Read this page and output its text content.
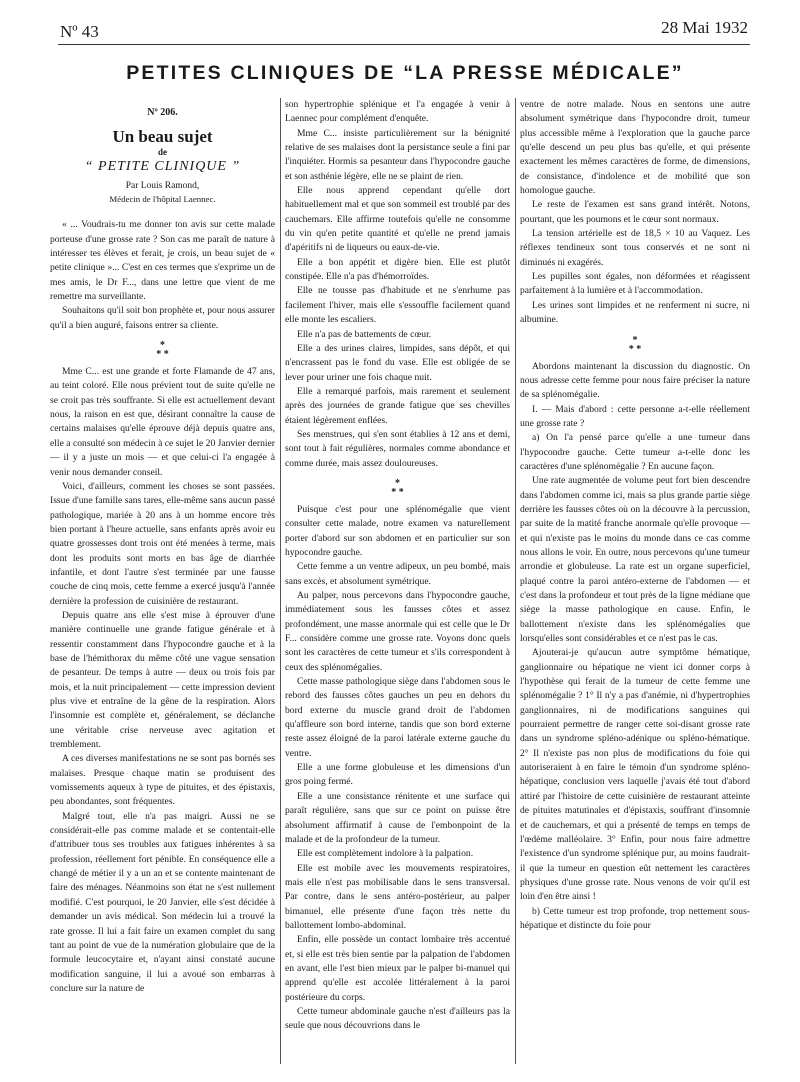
Nº 43	28 Mai 1932
PETITES CLINIQUES DE “LA PRESSE MÉDICALE”
Nº 206.
Un beau sujet
de
“ PETITE CLINIQUE ”
Par Louis Ramond,
Médecin de l'hôpital Laennec.

« ... Voudrais-tu me donner ton avis sur cette malade porteuse d'une grosse rate ? Son cas me paraît de nature à intéresser tes élèves et ferait, je crois, un beau sujet de « petite clinique »... C'est en ces termes que s'exprime un de mes amis, le Dr F..., dans une lettre que vient de me remettre ma surveillante.

Souhaitons qu'il soit bon prophète et, pour nous assurer qu'il a bien auguré, faisons entrer sa cliente.

*
* *

Mme C... est une grande et forte Flamande de 47 ans, au teint coloré. Elle nous prévient tout de suite qu'elle ne se croit pas très souffrante. Si elle est actuellement devant nous, la raison en est que, désirant connaître la cause de certains malaises qu'elle éprouve déjà depuis quatre ans, elle a consulté son médecin à ce sujet le 20 Janvier dernier — il y a juste un mois — et que celui-ci l'a engagée à venir nous demander conseil.

Voici, d'ailleurs, comment les choses se sont passées. Issue d'une famille sans tares, elle-même sans aucun passé pathologique, mariée à 20 ans à un homme encore très bien portant à l'heure actuelle, sans enfants après avoir eu quatre grossesses dont trois ont été menées à terme, mais dont les produits sont morts en bas âge de diarrhée infantile, et dont l'autre s'est terminée par une fausse couche de cinq mois, cette femme a exercé jusqu'à l'année dernière la profession de cuisinière de restaurant.

Depuis quatre ans elle s'est mise à éprouver d'une manière continuelle une grande fatigue générale et à ressentir constamment dans l'hypocondre gauche et à la base de l'hémithorax du même côté une vague sensation de pesanteur. De temps à autre — deux ou trois fois par mois, et la nuit principalement — cette impression devient plus vive et entraîne de la gêne de la respiration. Alors l'insomnie est complète et, généralement, se déclanche une véritable crise nerveuse avec agitation et tremblement.

A ces diverses manifestations ne se sont pas bornés ses malaises. Presque chaque matin se produisent des vomissements aqueux à type de pituites, et des épistaxis, peu abondantes, sont fréquentes.

Malgré tout, elle n'a pas maigri. Aussi ne se considérait-elle pas comme malade et se contentait-elle d'attribuer tous ses troubles aux fatigues inhérentes à sa profession, réellement fort pénible. En conséquence elle a changé de métier il y a un an et se contente maintenant de faire des ménages. Néanmoins son état ne s'est nullement modifié. C'est pourquoi, le 20 Janvier, elle s'est décidée à demander un avis médical. Son médecin lui a trouvé la rate grosse. Il lui a fait faire un examen complet du sang tant au point de vue de la numération globulaire que de la formule leucocytaire et, n'ayant ainsi constaté aucune modification sanguine, il lui a avoué son embarras à conclure sur la nature de

son hypertrophie splénique et l'a engagée à venir à Laennec pour complément d'enquête.

Mme C... insiste particulièrement sur la bénignité relative de ses malaises dont la persistance seule a fini par l'inquiéter. Hormis sa pesanteur dans l'hypocondre gauche et son asthénie légère, elle ne se plaint de rien.

Elle nous apprend cependant qu'elle dort habituellement mal et que son sommeil est troublé par des cauchemars. Elle affirme toutefois qu'elle ne consomme du vin qu'en petite quantité et qu'elle ne prend jamais d'apéritifs ni de liqueurs ou eaux-de-vie.

Elle a bon appétit et digère bien. Elle est plutôt constipée. Elle n'a pas d'hémorroïdes.

Elle ne tousse pas d'habitude et ne s'enrhume pas facilement l'hiver, mais elle s'essouffle facilement quand elle monte les escaliers.

Elle n'a pas de battements de cœur.

Elle a des urines claires, limpides, sans dépôt, et qui n'encrassent pas le fond du vase. Elle est obligée de se lever pour uriner une fois chaque nuit.

Elle a remarqué parfois, mais rarement et seulement après des journées de grande fatigue que ses chevilles étaient légèrement enflées.

Ses menstrues, qui s'en sont établies à 12 ans et demi, sont tout à fait régulières, normales comme abondance et comme durée, mais assez douloureuses.

*
* *

Puisque c'est pour une splénomégalie que vient consulter cette malade, notre examen va naturellement porter d'abord sur son abdomen et en particulier sur son hypocondre gauche.

Cette femme a un ventre adipeux, un peu bombé, mais sans excès, et absolument symétrique.

Au palper, nous percevons dans l'hypocondre gauche, immédiatement sous les fausses côtes et assez profondément, une masse anormale qui est celle que le Dr F... considère comme une grosse rate. Voyons donc quels sont les caractères de cette tumeur et s'ils correspondent à ceux des splénomégalies.

Cette masse pathologique siège dans l'abdomen sous le rebord des fausses côtes gauches un peu en dehors du bord externe du muscle grand droit de l'abdomen qu'affleure son bord interne, tandis que son bord externe reste assez éloigné de la paroi latérale externe gauche du ventre.

Elle a une forme globuleuse et les dimensions d'un gros poing fermé.

Elle a une consistance rénitente et une surface qui paraît régulière, sans que sur ce point on puisse être absolument affirmatif à cause de l'embonpoint de la malade et de la profondeur de la tumeur.

Elle est complètement indolore à la palpation.

Elle est mobile avec les mouvements respiratoires, mais elle n'est pas mobilisable dans le sens transversal. Par contre, dans le sens antéro-postérieur, au palper bimanuel, elle présente d'une façon très nette du ballottement lombo-abdominal.

Enfin, elle possède un contact lombaire très accentué et, si elle est très bien sentie par la palpation de l'abdomen en avant, elle l'est bien mieux par le palper bi-manuel qui apprend qu'elle est accolée littéralement à la paroi postérieure du corps.

Cette tumeur abdominale gauche n'est d'ailleurs pas la seule que nous découvrions dans le

ventre de notre malade. Nous en sentons une autre absolument symétrique dans l'hypocondre droit, tumeur plus accessible même à l'exploration que la gauche parce qu'elle descend un peu plus bas qu'elle, et qui présente exactement les mêmes caractères de forme, de dimensions, de consistance, d'indolence et de mobilité que son homologue gauche.

Le reste de l'examen est sans grand intérêt. Notons, pourtant, que les poumons et le cœur sont normaux.

La tension artérielle est de 18,5 × 10 au Vaquez. Les réflexes tendineux sont tous conservés et ne sont ni diminués ni exagérés.

Les pupilles sont égales, non déformées et réagissent parfaitement à la lumière et à l'accommodation.

Les urines sont limpides et ne renferment ni sucre, ni albumine.

*
* *

Abordons maintenant la discussion du diagnostic. On nous adresse cette femme pour nous faire préciser la nature de sa splénomégalie.

I. — Mais d'abord : cette personne a-t-elle réellement une grosse rate ?

a) On l'a pensé parce qu'elle a une tumeur dans l'hypocondre gauche. Cette tumeur a-t-elle donc les caractères d'une splénomégalie ? En aucune façon.

Une rate augmentée de volume peut fort bien descendre dans l'abdomen comme ici, mais sa plus grande partie siège derrière les fausses côtes où on la découvre à la percussion, par suite de la matité franche anormale qu'elle provoque — et qui n'existe pas le moins du monde dans ce cas comme nous allons le voir. En outre, nous percevons qu'une tumeur arrondie et globuleuse. La rate est un organe superficiel, plaqué contre la paroi antéro-externe de l'abdomen — et c'est dans la profondeur et tout près de la ligne médiane que siège la masse pathologique en cause. Enfin, le ballottement n'existe dans les splénomégalies que lorsqu'elles sont considérables et ce n'est pas le cas.

Ajouterai-je qu'aucun autre symptôme hématique, ganglionnaire ou hépatique ne vient ici donner corps à l'hypothèse qui ferait de la tumeur de cette femme une splénomégalie ? 1° Il n'y a pas d'anémie, ni d'hypertrophies ganglionnaires, ni de modifications sanguines qui pourraient permettre de ranger cette soi-disant grosse rate dans un syndrome spléno-adénique ou spléno-hématique. 2° Il n'existe pas non plus de modifications du foie qui autoriseraient à en faire le témoin d'un syndrome spléno-hépatique, conclusion vers laquelle j'avais été tout d'abord attiré par l'histoire de cette cuisinière de restaurant atteinte de pituites matutinales et d'épistaxis, souffrant d'insomnie et de cauchemars, et qui a présenté de temps en temps de l'œdème malléolaire. 3° Enfin, pour nous faire admettre l'existence d'un syndrome splénique pur, au moins faudrait-il que la tumeur en question eût nettement les caractères physiques d'une grosse rate. Nous venons de voir qu'il est loin d'en être ainsi !

b) Cette tumeur est trop profonde, trop nettement sous-hépatique et distincte du foie pour
